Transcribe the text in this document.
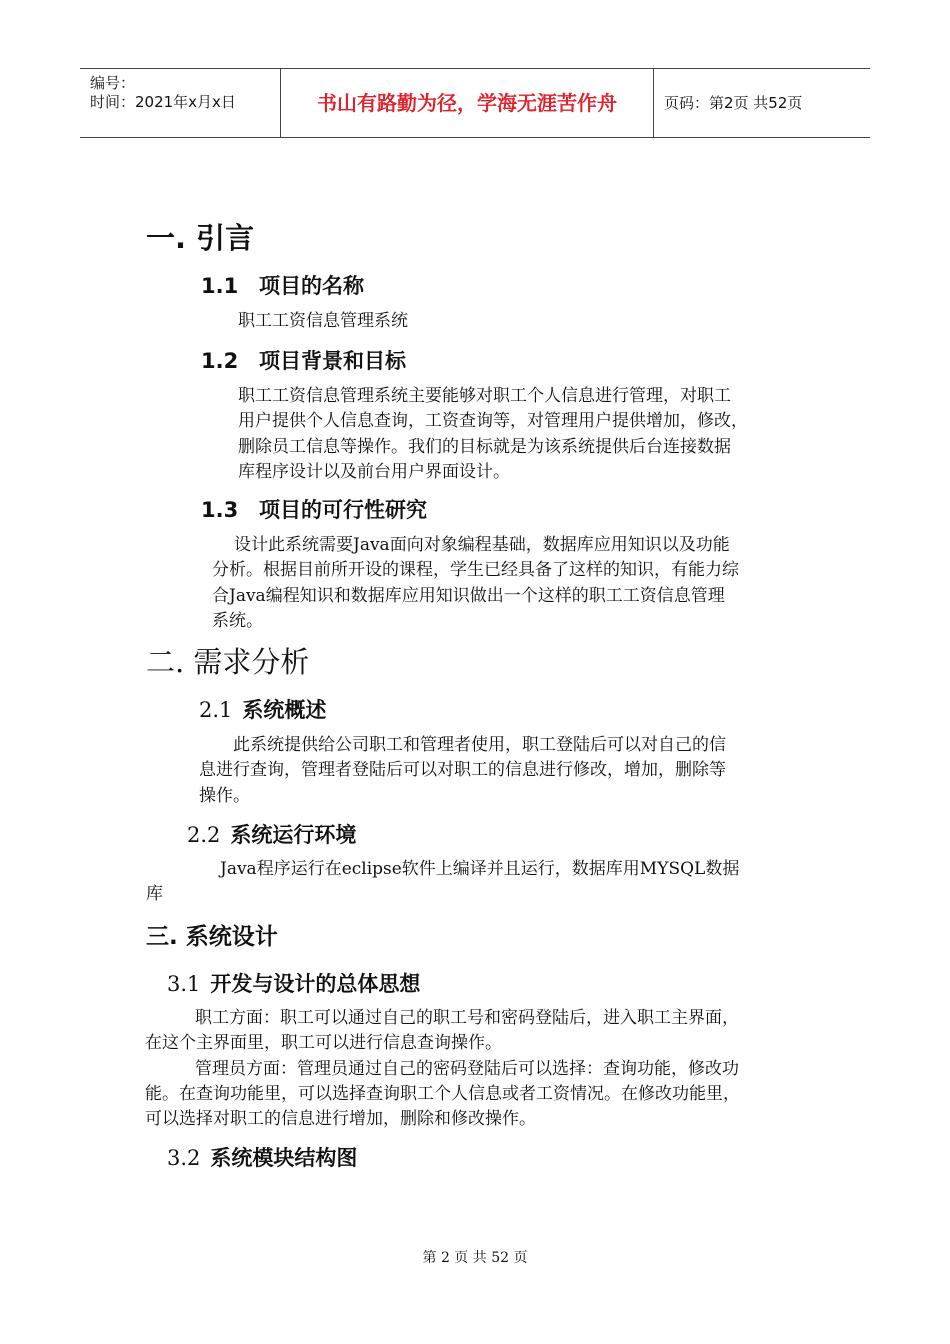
编号：
时间：2021年x月x日	书山有路勤为径，学海无涯苦作舟	页码：第2页 共52页
一. 引言
1.1 项目的名称
职工工资信息管理系统
1.2 项目背景和目标
职工工资信息管理系统主要能够对职工个人信息进行管理，对职工
用户提供个人信息查询，工资查询等，对管理用户提供增加，修改，
删除员工信息等操作。我们的目标就是为该系统提供后台连接数据
库程序设计以及前台用户界面设计。
1.3 项目的可行性研究
设计此系统需要Java面向对象编程基础，数据库应用知识以及功能
分析。根据目前所开设的课程，学生已经具备了这样的知识，有能力综
合Java编程知识和数据库应用知识做出一个这样的职工工资信息管理
系统。
二. 需求分析
2.1 系统概述
此系统提供给公司职工和管理者使用，职工登陆后可以对自己的信
息进行查询，管理者登陆后可以对职工的信息进行修改，增加，删除等
操作。
2.2 系统运行环境
Java程序运行在eclipse软件上编译并且运行，数据库用MYSQL数据
库
三. 系统设计
3.1 开发与设计的总体思想
职工方面：职工可以通过自己的职工号和密码登陆后，进入职工主界面，
在这个主界面里，职工可以进行信息查询操作。
管理员方面：管理员通过自己的密码登陆后可以选择：查询功能，修改功
能。在查询功能里，可以选择查询职工个人信息或者工资情况。在修改功能里，
可以选择对职工的信息进行增加，删除和修改操作。
3.2 系统模块结构图
第 2 页 共 52 页
